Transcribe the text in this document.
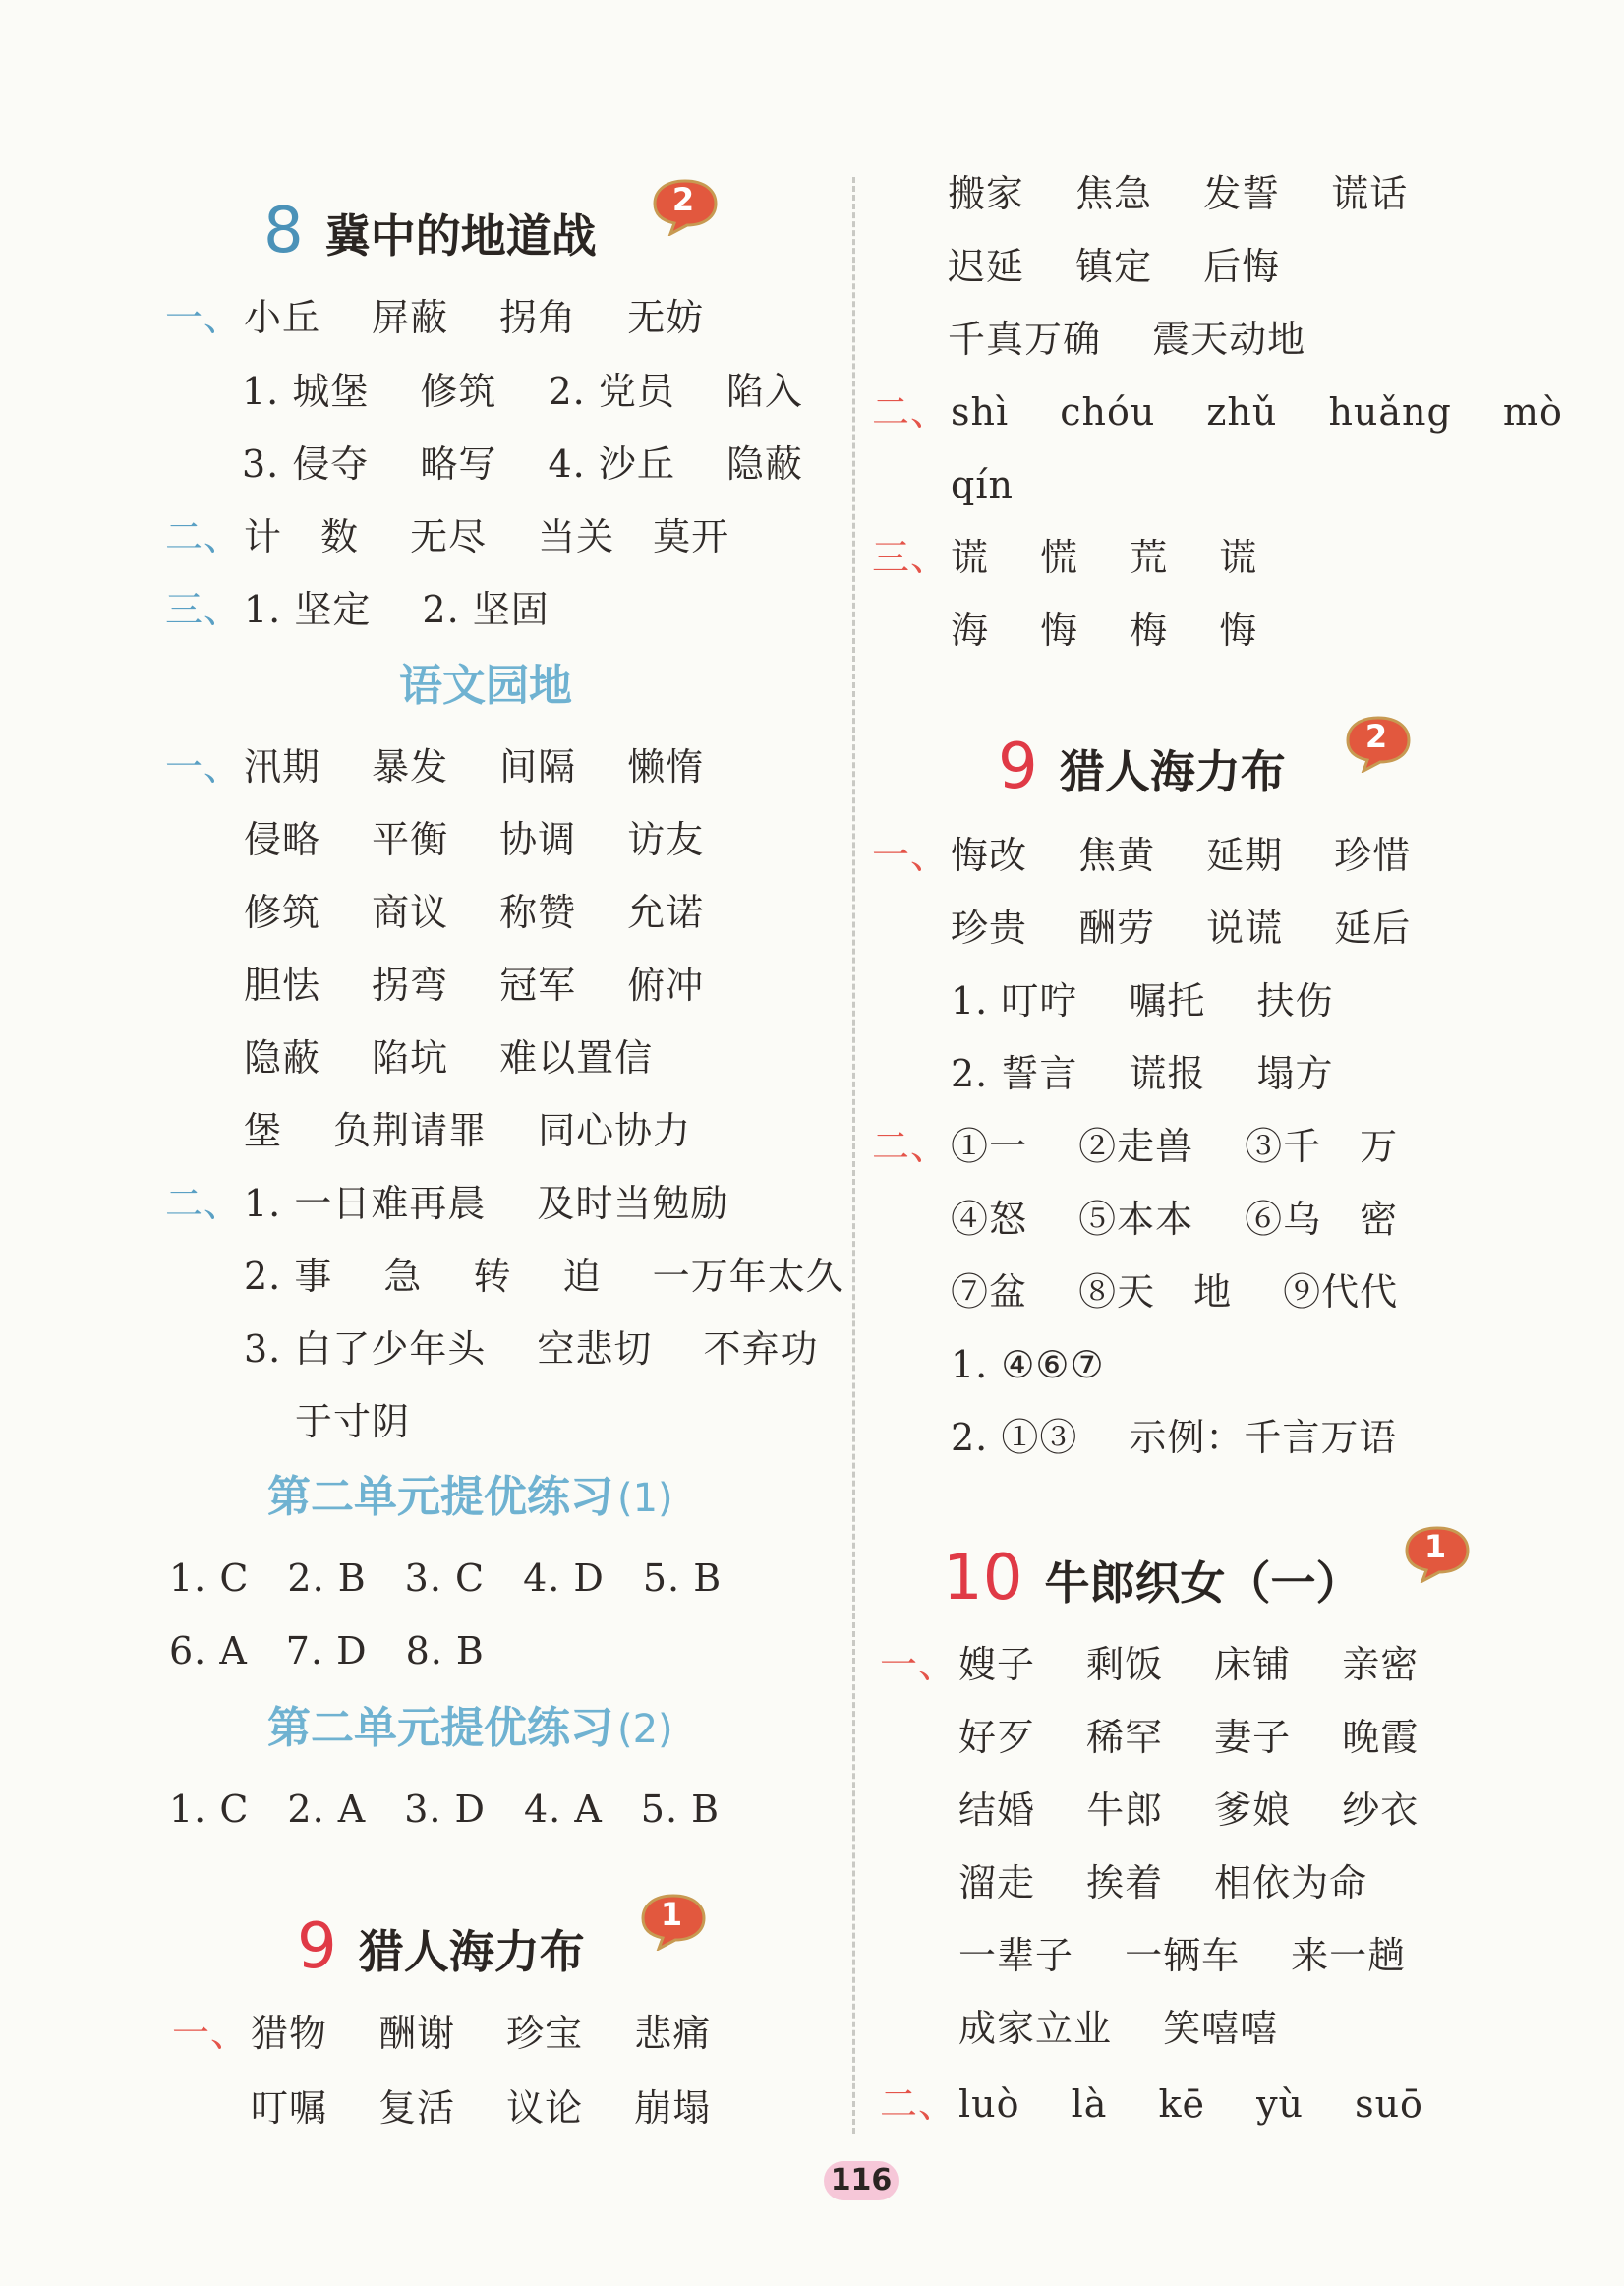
8 冀中的地道战
2
一、小丘　 屏蔽　 拐角　 无妨
1. 城堡　 修筑　 2. 党员　 陷入
3. 侵夺　 略写　 4. 沙丘　 隐蔽
二、计　数　 无尽　 当关　莫开
三、1. 坚定　 2. 坚固
语文园地
一、汛期　 暴发　 间隔　 懒惰
侵略　 平衡　 协调　 访友
修筑　 商议　 称赞　 允诺
胆怯　 拐弯　 冠军　 俯冲
隐蔽　 陷坑　 难以置信
堡　 负荆请罪　 同心协力
二、1. 一日难再晨　 及时当勉励
2. 事　 急　 转　 迫　 一万年太久
3. 白了少年头　 空悲切　 不弃功
于寸阴
第二单元提优练习 (1)
1. C　2. B　3. C　4. D　5. B
6. A　7. D　8. B
第二单元提优练习 (2)
1. C　2. A　3. D　4. A　5. B
9 猎人海力布
1
一、猎物　 酬谢　 珍宝　 悲痛
叮嘱　 复活　 议论　 崩塌
搬家　 焦急　 发誓　 谎话
迟延　 镇定　 后悔
千真万确　 震天动地
二、shì　 chóu　 zhǔ　 huǎng　 mò
qín
三、谎　 慌　 荒　 谎
海　 悔　 梅　 悔
9 猎人海力布
2
一、悔改　 焦黄　 延期　 珍惜
珍贵　 酬劳　 说谎　 延后
1. 叮咛　 嘱托　 扶伤
2. 誓言　 谎报　 塌方
二、①一　 ②走兽　 ③千　万
④怒　 ⑤本本　 ⑥乌　密
⑦盆　 ⑧天　地　 ⑨代代
1. ④⑥⑦
2. ①③　 示例：千言万语
10 牛郎织女（一）
1
一、嫂子　 剩饭　 床铺　 亲密
好歹　 稀罕　 妻子　 晚霞
结婚　 牛郎　 爹娘　 纱衣
溜走　 挨着　 相依为命
一辈子　 一辆车　 来一趟
成家立业　 笑嘻嘻
二、luò　 là　 kē　 yù　 suō
116
